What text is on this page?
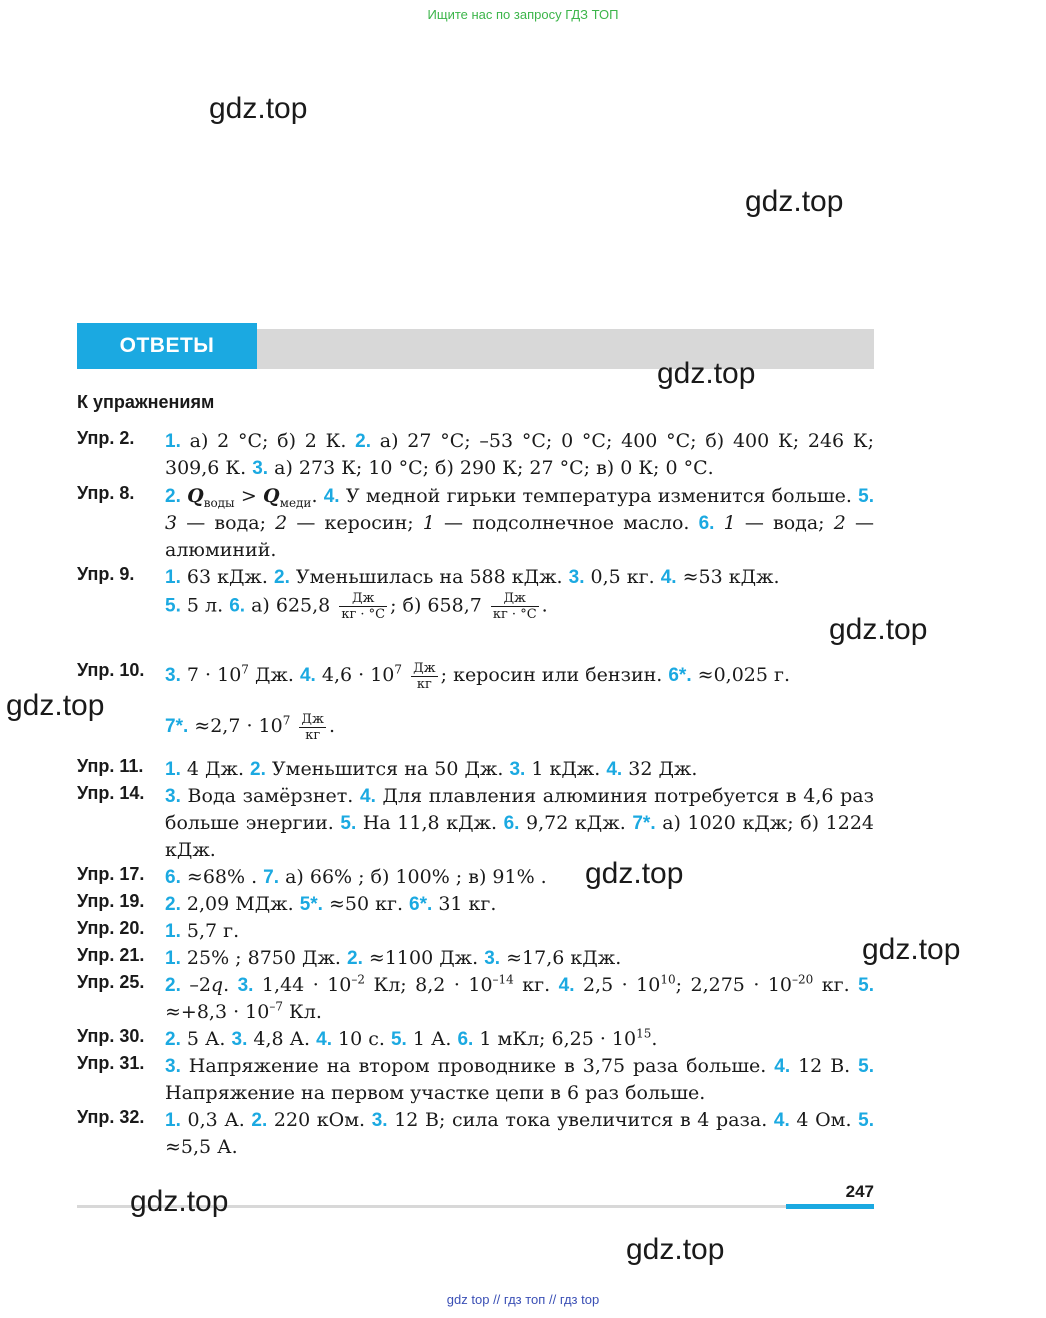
Ищите нас по запросу ГДЗ ТОП
gdz.top
gdz.top
ОТВЕТЫ
gdz.top
К упражнениям
Упр. 2. 1. а) 2 °С; б) 2 К. 2. а) 27 °С; –53 °С; 0 °С; 400 °С; б) 400 К; 246 К; 309,6 К. 3. а) 273 К; 10 °С; б) 290 К; 27 °С; в) 0 К; 0 °С.
Упр. 8. 2. $Q_{воды} > Q_{меди}$. 4. У медной гирьки температура изменится больше. 5. 3 — вода; 2 — керосин; 1 — подсолнечное масло. 6. 1 — вода; 2 — алюминий.
Упр. 9. 1. 63 кДж. 2. Уменьшилась на 588 кДж. 3. 0,5 кг. 4. ≈53 кДж.
5. 5 л. 6. а) $625,8 \frac{Дж}{кг \cdot ^\circ С}$ ; б) $658,7 \frac{Дж}{кг \cdot ^\circ С}$ .
gdz.top
Упр. 10. 3. $7 \cdot 10^7$ Дж. 4. $4,6 \cdot 10^7 \frac{Дж}{кг}$ ; керосин или бензин. 6*. ≈0,025 г.
7*. $\approx 2,7 \cdot 10^7 \frac{Дж}{кг}$ .
gdz.top
Упр. 11. 1. 4 Дж. 2. Уменьшится на 50 Дж. 3. 1 кДж. 4. 32 Дж.
Упр. 14. 3. Вода замёрзнет. 4. Для плавления алюминия потребуется в 4,6 раз больше энергии. 5. На 11,8 кДж. 6. 9,72 кДж. 7*. а) 1020 кДж; б) 1224 кДж.
Упр. 17. 6. ≈68% . 7. а) 66% ; б) 100% ; в) 91% .	gdz.top
Упр. 19. 2. 2,09 МДж. 5*. ≈50 кг. 6*. 31 кг.
Упр. 20. 1. 5,7 г.
Упр. 21. 1. 25% ; 8750 Дж. 2. ≈1100 Дж. 3. ≈17,6 кДж.	gdz.top
Упр. 25. 2. –2q. 3. $1,44 \cdot 10^{-2}$ Кл; $8,2 \cdot 10^{-14}$ кг. 4. $2,5 \cdot 10^{10}$; $2,275 \cdot 10^{-20}$ кг. 5. $\approx+8,3 \cdot 10^{-7}$ Кл.
Упр. 30. 2. 5 А. 3. 4,8 А. 4. 10 с. 5. 1 А. 6. 1 мКл; $6,25 \cdot 10^{15}$.
Упр. 31. 3. Напряжение на втором проводнике в 3,75 раза больше. 4. 12 В. 5. Напряжение на первом участке цепи в 6 раз больше.
Упр. 32. 1. 0,3 А. 2. 220 кОм. 3. 12 В; сила тока увеличится в 4 раза. 4. 4 Ом. 5. ≈5,5 А.
247
gdz.top
gdz.top
gdz top // гдз топ // гдз top
